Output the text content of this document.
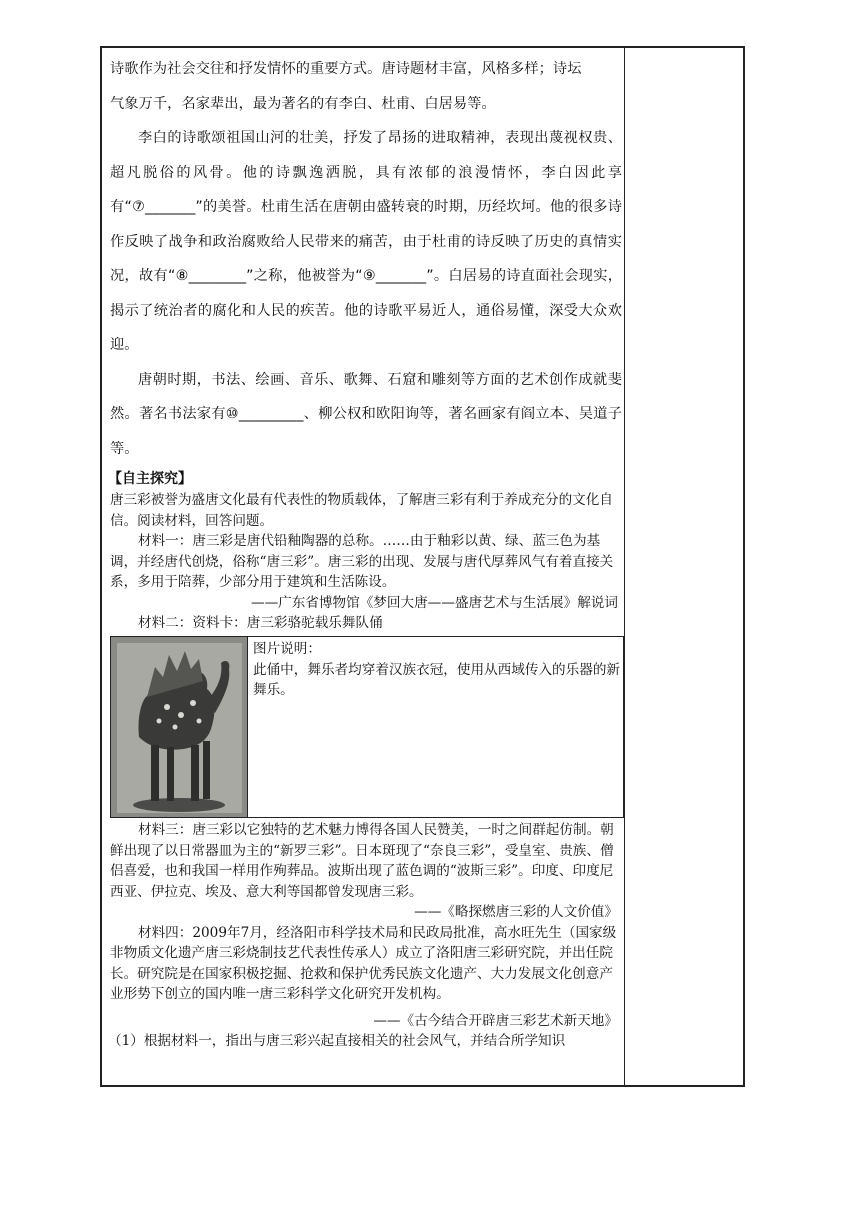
诗歌作为社会交往和抒发情怀的重要方式。唐诗题材丰富，风格多样；诗坛

气象万千，名家辈出，最为著名的有李白、杜甫、白居易等。

李白的诗歌颂祖国山河的壮美，抒发了昂扬的进取精神，表现出蔑视权贵、超凡脱俗的风骨。他的诗飘逸洒脱，具有浓郁的浪漫情怀，李白因此享有“⑦_______”的美誉。杜甫生活在唐朝由盛转衰的时期，历经坎坷。他的很多诗作反映了战争和政治腐败给人民带来的痛苦，由于杜甫的诗反映了历史的真情实况，故有“⑧________”之称，他被誉为“⑨_______”。白居易的诗直面社会现实，揭示了统治者的腐化和人民的疾苦。他的诗歌平易近人，通俗易懂，深受大众欢迎。

唐朝时期，书法、绘画、音乐、歌舞、石窟和雕刻等方面的艺术创作成就斐然。著名书法家有⑩_________、柳公权和欧阳询等，著名画家有阎立本、吴道子等。

【自主探究】

唐三彩被誉为盛唐文化最有代表性的物质载体，了解唐三彩有利于养成充分的文化自信。阅读材料，回答问题。

材料一：唐三彩是唐代铅釉陶器的总称。……由于釉彩以黄、绿、蓝三色为基调，并经唐代创烧，俗称“唐三彩”。唐三彩的出现、发展与唐代厚葬风气有着直接关系，多用于陪葬，少部分用于建筑和生活陈设。

——广东省博物馆《梦回大唐——盛唐艺术与生活展》解说词

材料二：资料卡：唐三彩骆驼载乐舞队俑

图片说明：

此俑中，舞乐者均穿着汉族衣冠，使用从西域传入的乐器的新舞乐。

材料三：唐三彩以它独特的艺术魅力博得各国人民赞美，一时之间群起仿制。朝鲜出现了以日常器皿为主的“新罗三彩”。日本斑现了“奈良三彩”，受皇室、贵族、僧侣喜爱，也和我国一样用作殉葬品。波斯出现了蓝色调的“波斯三彩”。印度、印度尼西亚、伊拉克、埃及、意大利等国都曾发现唐三彩。

——《略探燃唐三彩的人文价值》

材料四：2009年7月，经洛阳市科学技术局和民政局批准，高水旺先生（国家级非物质文化遗产唐三彩烧制技艺代表性传承人）成立了洛阳唐三彩研究院，并出任院长。研究院是在国家积极挖掘、抢救和保护优秀民族文化遗产、大力发展文化创意产业形势下创立的国内唯一唐三彩科学文化研究开发机构。

——《古今结合开辟唐三彩艺术新天地》

（1）根据材料一，指出与唐三彩兴起直接相关的社会风气，并结合所学知识
